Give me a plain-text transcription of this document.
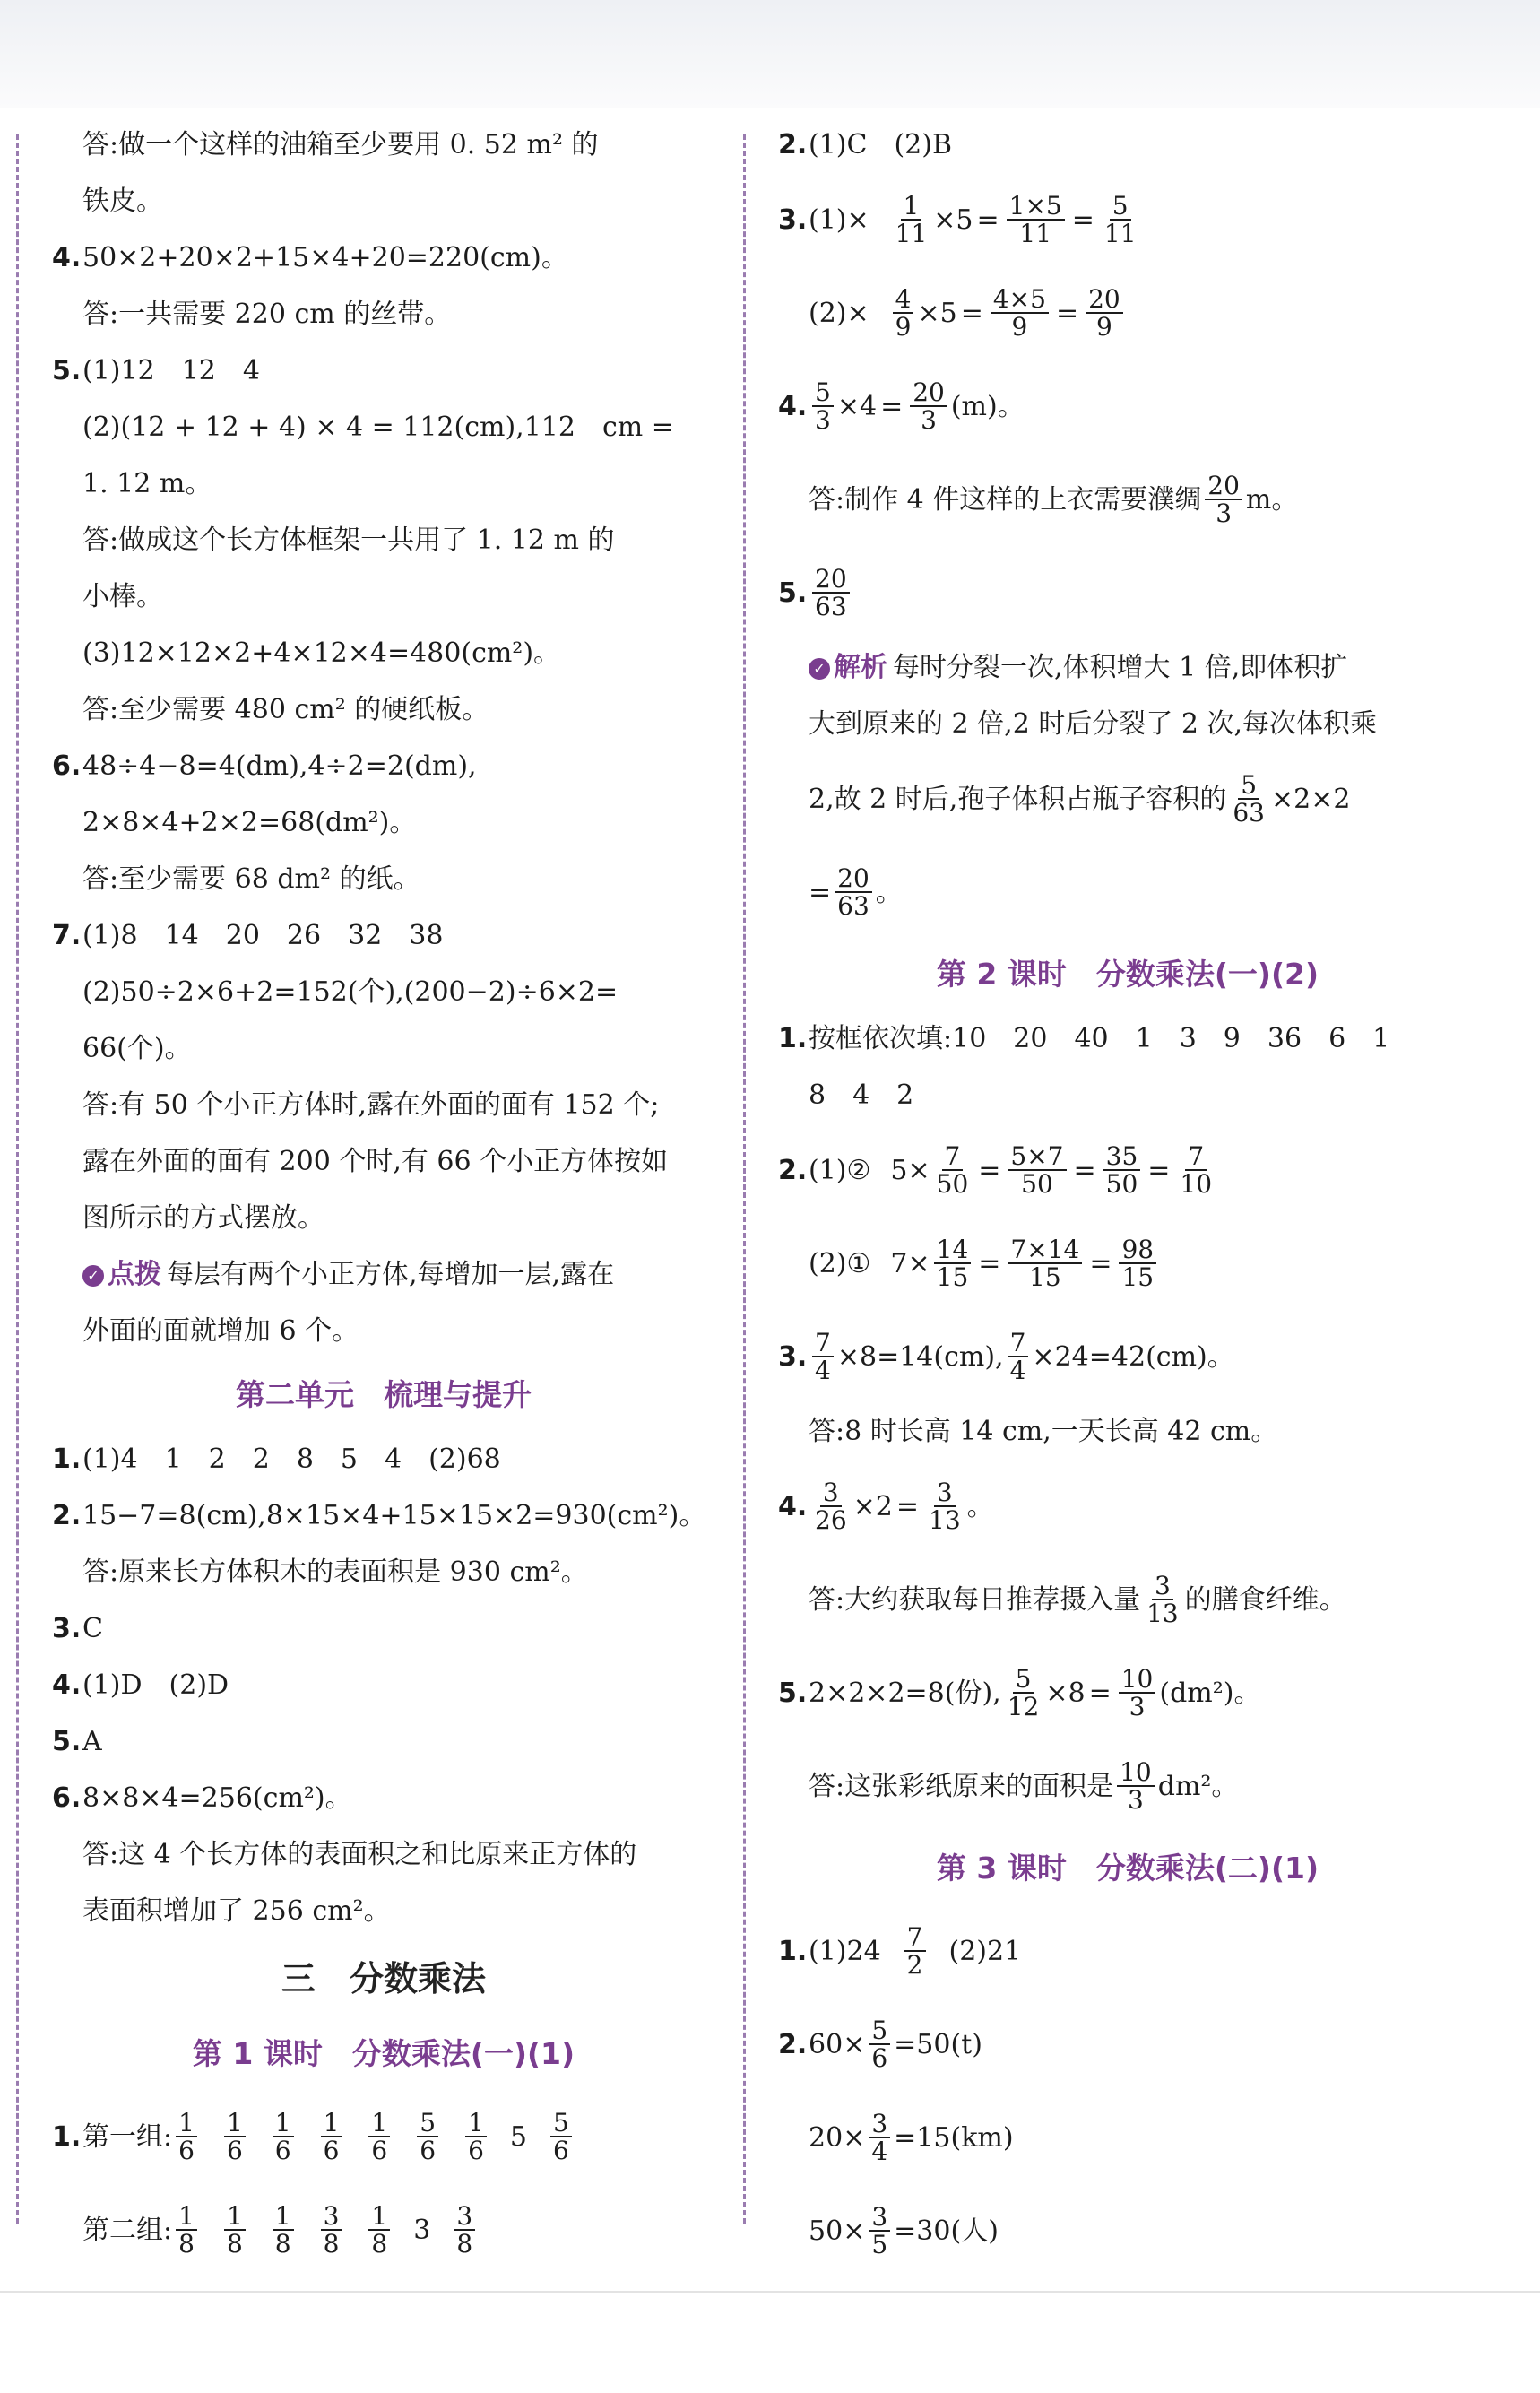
答:做一个这样的油箱至少要用 0. 52 m² 的
铁皮。
4.50×2+20×2+15×4+20=220(cm)。
答:一共需要 220 cm 的丝带。
5.(1)12　12　4
(2)(12 + 12 + 4) × 4 = 112(cm),112　cm =
1. 12 m。
答:做成这个长方体框架一共用了 1. 12 m 的
小棒。
(3)12×12×2+4×12×4=480(cm²)。
答:至少需要 480 cm² 的硬纸板。
6.48÷4−8=4(dm),4÷2=2(dm),
2×8×4+2×2=68(dm²)。
答:至少需要 68 dm² 的纸。
7.(1)8　14　20　26　32　38
(2)50÷2×6+2=152(个),(200−2)÷6×2=
66(个)。
答:有 50 个小正方体时,露在外面的面有 152 个;
露在外面的面有 200 个时,有 66 个小正方体按如
图所示的方式摆放。
✓ 点拨 每层有两个小正方体,每增加一层,露在
外面的面就增加 6 个。
第二单元　梳理与提升
1.(1)4　1　2　2　8　5　4　(2)68
2.15−7=8(cm),8×15×4+15×15×2=930(cm²)。
答:原来长方体积木的表面积是 930 cm²。
3.C
4.(1)D　(2)D
5.A
6.8×8×4=256(cm²)。
答:这 4 个长方体的表面积之和比原来正方体的
表面积增加了 256 cm²。
三　分数乘法
第 1 课时　分数乘法(一)(1)
1. 第一组: $\frac{1}{6} \frac{1}{6} \frac{1}{6} \frac{1}{6} \frac{1}{6} \frac{5}{6} \frac{1}{6} 5 \frac{5}{6}$
第二组: $\frac{1}{8} \frac{1}{8} \frac{1}{8} \frac{3}{8} \frac{1}{8} 3 \frac{3}{8}$
2.(1)C　(2)B
3. $(1)\times \frac{1}{11} \times 5 = \frac{1\times 5}{11} = \frac{5}{11}$
$(2)\times \frac{4}{9} \times 5 = \frac{4\times 5}{9} = \frac{20}{9}$
4. $\frac{5}{3} \times 4 = \frac{20}{3} (m)$。
答:制作 4 件这样的上衣需要濮绸 $\frac{20}{3}$ m。
5. $\frac{20}{63}$
✓ 解析 每时分裂一次,体积增大 1 倍,即体积扩
大到原来的 2 倍,2 时后分裂了 2 次,每次体积乘
2,故 2 时后,孢子体积占瓶子容积的 $\frac{5}{63} \times 2\times 2$
= $\frac{20}{63}$ 。
第 2 课时　分数乘法(一)(2)
1.按框依次填:10　20　40　1　3　9　36　6　1
8　4　2
2. (1)② $5 \times \frac{7}{50} = \frac{5\times 7}{50} = \frac{35}{50} = \frac{7}{10}$
(2)① $7 \times \frac{14}{15} = \frac{7\times 14}{15} = \frac{98}{15}$
3. $\frac{7}{4} \times 8 = 14$ (cm), $\frac{7}{4} \times 24 = 42$ (cm)。
答:8 时长高 14 cm,一天长高 42 cm。
4. $\frac{3}{26} \times 2 = \frac{3}{13}$ 。
答:大约获取每日推荐摄入量 $\frac{3}{13}$ 的膳食纤维。
5. 2×2×2=8(份), $\frac{5}{12} \times 8 = \frac{10}{3} (dm^2)$。
答:这张彩纸原来的面积是 $\frac{10}{3} dm^2$。
第 3 课时　分数乘法(二)(1)
1. $(1)24 \frac{7}{2} (2)21$
2. $60 \times \frac{5}{6} = 50$ (t)
$20 \times \frac{3}{4} = 15$ (km)
$50 \times \frac{3}{5} = 30$ (人)
